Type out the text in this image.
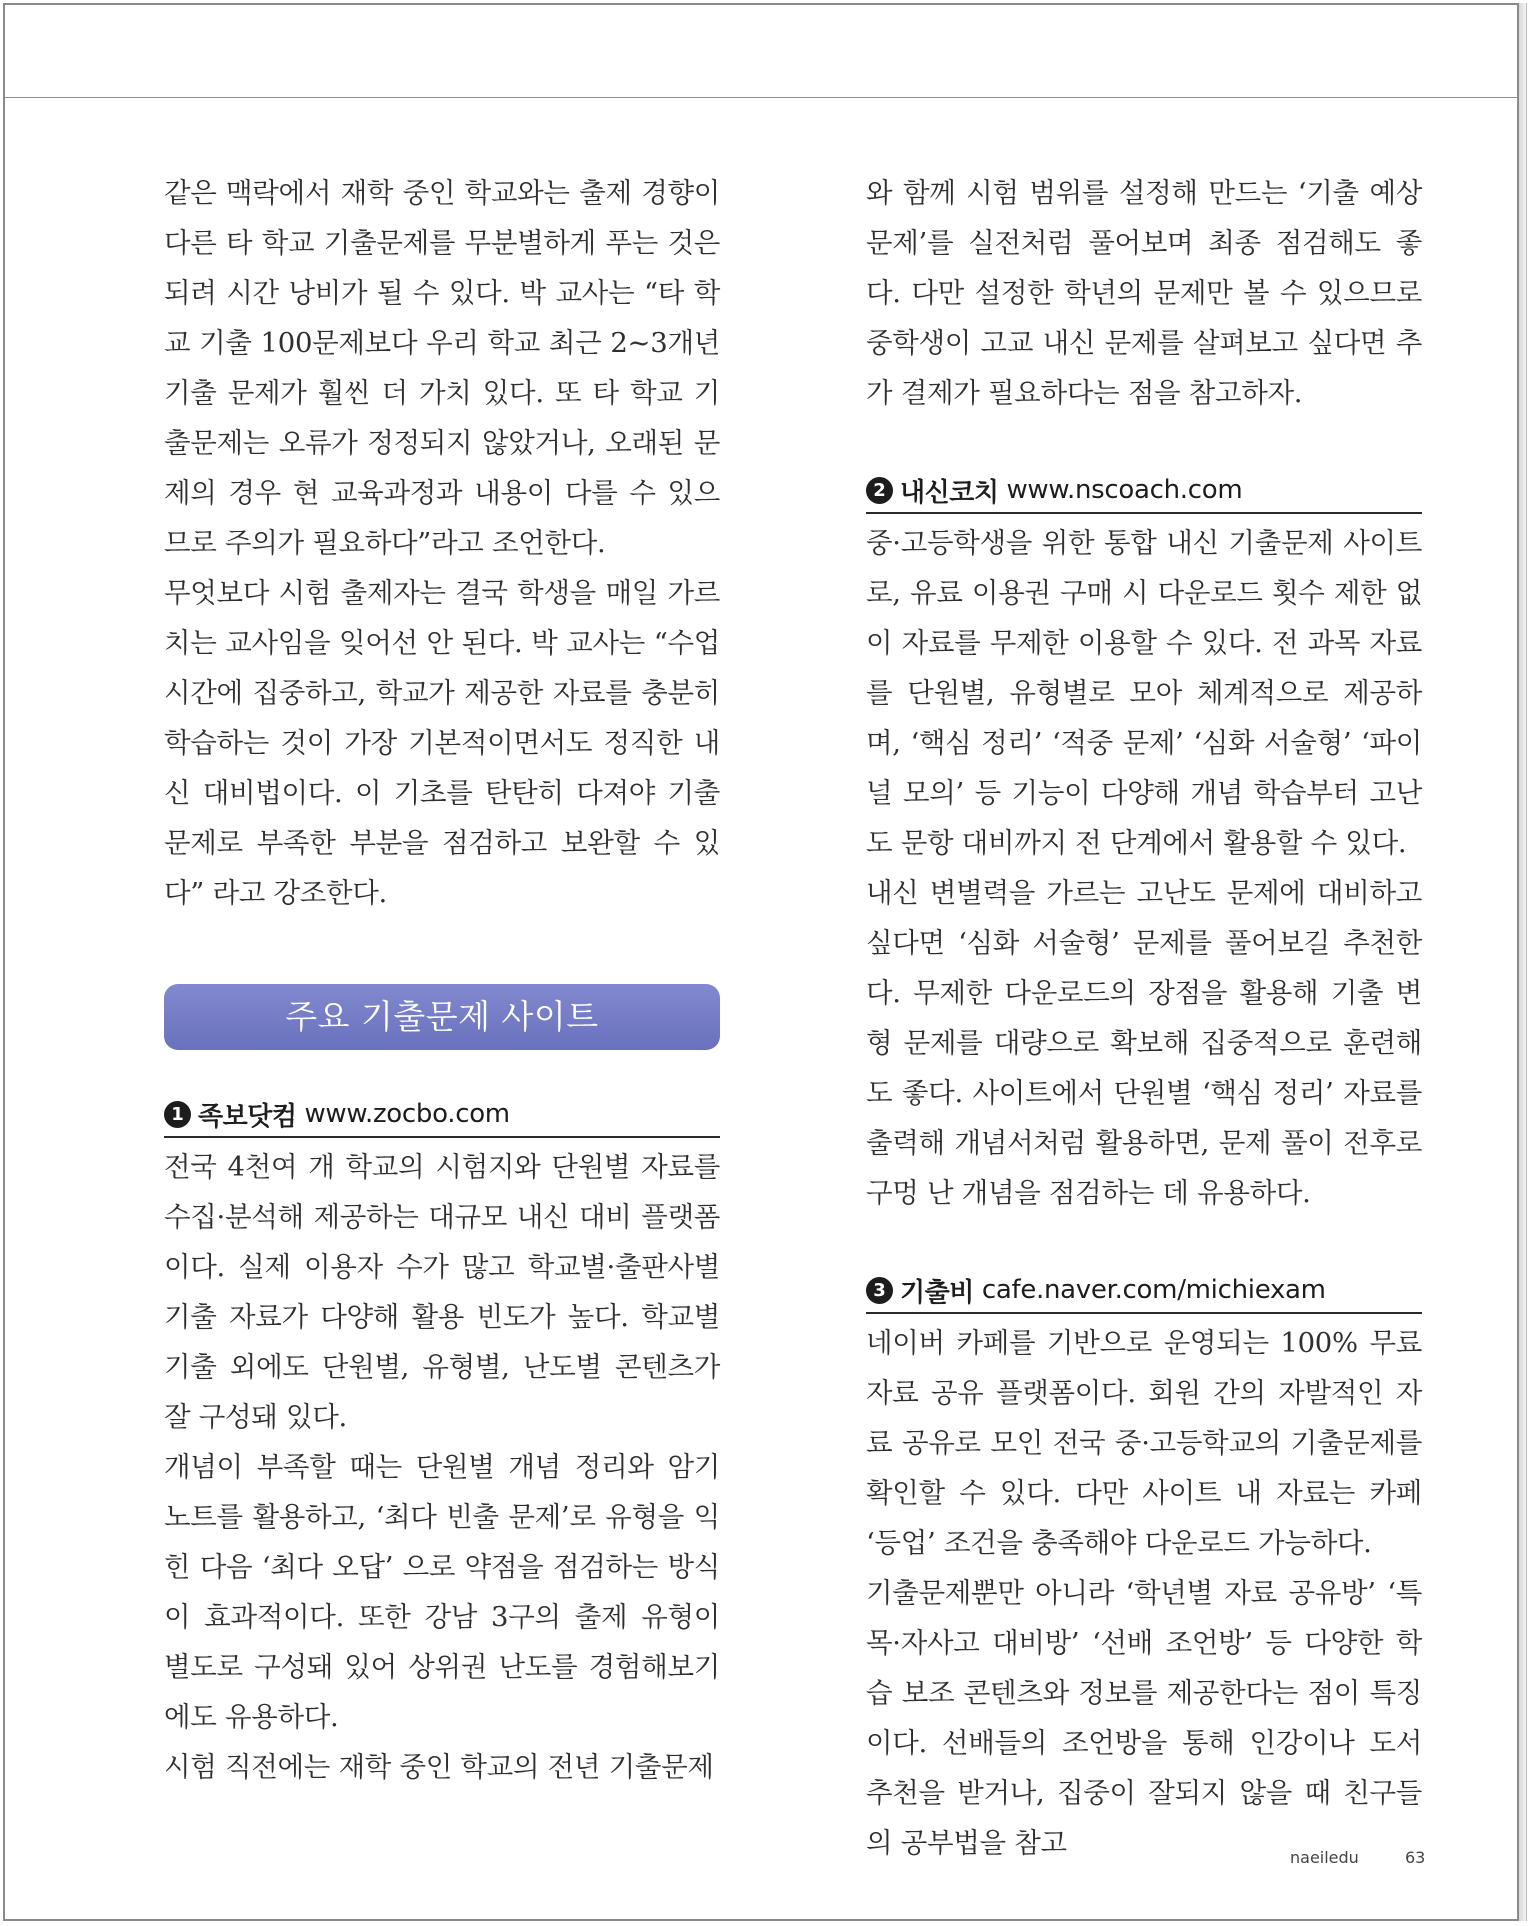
같은 맥락에서 재학 중인 학교와는 출제 경향이 다른 타 학교 기출문제를 무분별하게 푸는 것은 되려 시간 낭비가 될 수 있다. 박 교사는 “타 학교 기출 100문제보다 우리 학교 최근 2~3개년 기출 문제가 훨씬 더 가치 있다. 또 타 학교 기출문제는 오류가 정정되지 않았거나, 오래된 문제의 경우 현 교육과정과 내용이 다를 수 있으므로 주의가 필요하다”라고 조언한다.

무엇보다 시험 출제자는 결국 학생을 매일 가르치는 교사임을 잊어선 안 된다. 박 교사는 “수업 시간에 집중하고, 학교가 제공한 자료를 충분히 학습하는 것이 가장 기본적이면서도 정직한 내신 대비법이다. 이 기초를 탄탄히 다져야 기출문제로 부족한 부분을 점검하고 보완할 수 있다” 라고 강조한다.

주요 기출문제 사이트
1 족보닷컴 www.zocbo.com

전국 4천여 개 학교의 시험지와 단원별 자료를 수집·분석해 제공하는 대규모 내신 대비 플랫폼이다. 실제 이용자 수가 많고 학교별·출판사별 기출 자료가 다양해 활용 빈도가 높다. 학교별 기출 외에도 단원별, 유형별, 난도별 콘텐츠가 잘 구성돼 있다.

개념이 부족할 때는 단원별 개념 정리와 암기 노트를 활용하고, ‘최다 빈출 문제’로 유형을 익힌 다음 ‘최다 오답’ 으로 약점을 점검하는 방식이 효과적이다. 또한 강남 3구의 출제 유형이 별도로 구성돼 있어 상위권 난도를 경험해보기에도 유용하다.

시험 직전에는 재학 중인 학교의 전년 기출문제

와 함께 시험 범위를 설정해 만드는 ‘기출 예상 문제’를 실전처럼 풀어보며 최종 점검해도 좋다. 다만 설정한 학년의 문제만 볼 수 있으므로 중학생이 고교 내신 문제를 살펴보고 싶다면 추가 결제가 필요하다는 점을 참고하자.

2 내신코치 www.nscoach.com

중·고등학생을 위한 통합 내신 기출문제 사이트로, 유료 이용권 구매 시 다운로드 횟수 제한 없이 자료를 무제한 이용할 수 있다. 전 과목 자료를 단원별, 유형별로 모아 체계적으로 제공하며, ‘핵심 정리’ ‘적중 문제’ ‘심화 서술형’ ‘파이널 모의’ 등 기능이 다양해 개념 학습부터 고난도 문항 대비까지 전 단계에서 활용할 수 있다.

내신 변별력을 가르는 고난도 문제에 대비하고 싶다면 ‘심화 서술형’ 문제를 풀어보길 추천한다. 무제한 다운로드의 장점을 활용해 기출 변형 문제를 대량으로 확보해 집중적으로 훈련해도 좋다. 사이트에서 단원별 ‘핵심 정리’ 자료를 출력해 개념서처럼 활용하면, 문제 풀이 전후로 구멍 난 개념을 점검하는 데 유용하다.

3 기출비 cafe.naver.com/michiexam

네이버 카페를 기반으로 운영되는 100% 무료 자료 공유 플랫폼이다. 회원 간의 자발적인 자료 공유로 모인 전국 중·고등학교의 기출문제를 확인할 수 있다. 다만 사이트 내 자료는 카페 ‘등업’ 조건을 충족해야 다운로드 가능하다.

기출문제뿐만 아니라 ‘학년별 자료 공유방’ ‘특목·자사고 대비방’ ‘선배 조언방’ 등 다양한 학습 보조 콘텐츠와 정보를 제공한다는 점이 특징이다. 선배들의 조언방을 통해 인강이나 도서 추천을 받거나, 집중이 잘되지 않을 때 친구들의 공부법을 참고	naeiledu	63
